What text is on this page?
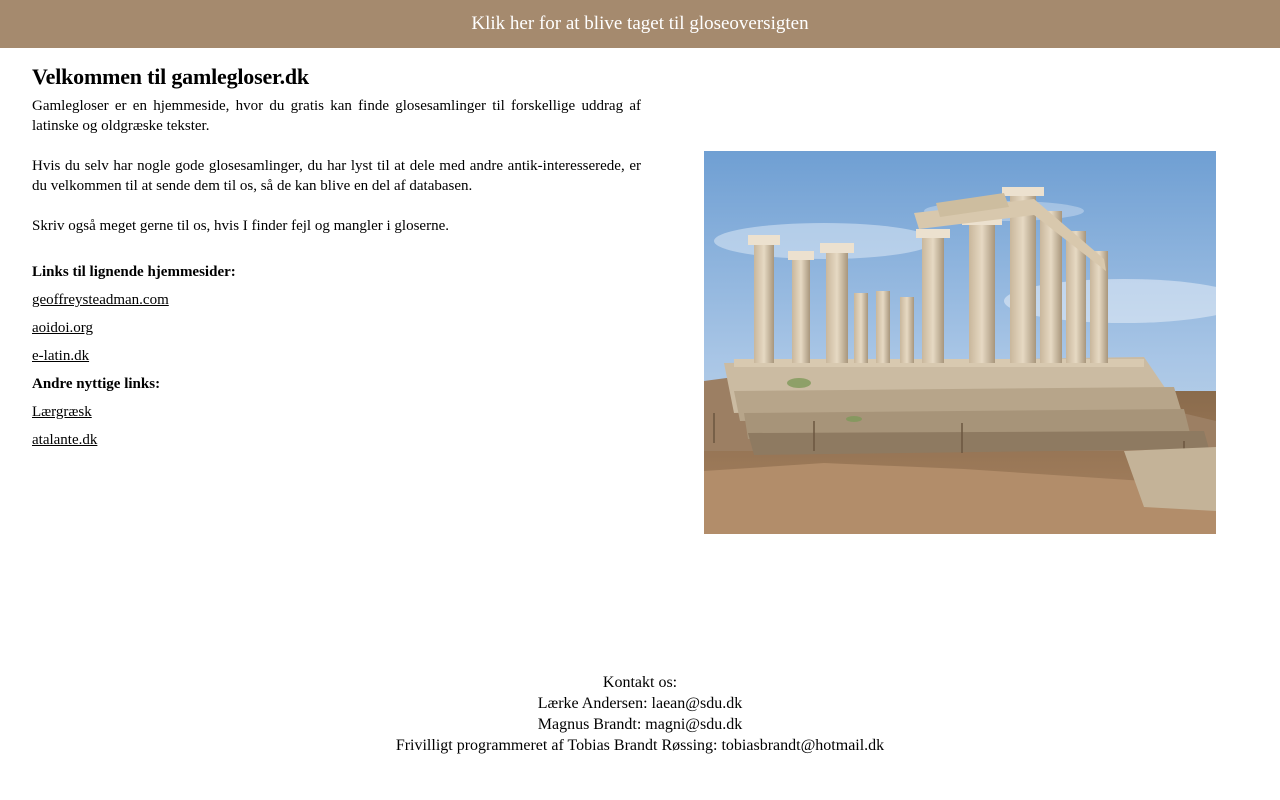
Klik her for at blive taget til gloseoversigten
Velkommen til gamlegloser.dk

Gamlegloser er en hjemmeside, hvor du gratis kan finde glosesamlinger til forskellige uddrag af latinske og oldgræske tekster.

Hvis du selv har nogle gode glosesamlinger, du har lyst til at dele med andre antik-interesserede, er du velkommen til at sende dem til os, så de kan blive en del af databasen.

Skriv også meget gerne til os, hvis I finder fejl og mangler i gloserne.

Links til lignende hjemmesider:
geoffreysteadman.com
aoidoi.org
e-latin.dk
Andre nyttige links:
Lærgræsk
atalante.dk
Kontakt os:
Lærke Andersen: laean@sdu.dk
Magnus Brandt: magni@sdu.dk
Frivilligt programmeret af Tobias Brandt Røssing: tobiasbrandt@hotmail.dk
